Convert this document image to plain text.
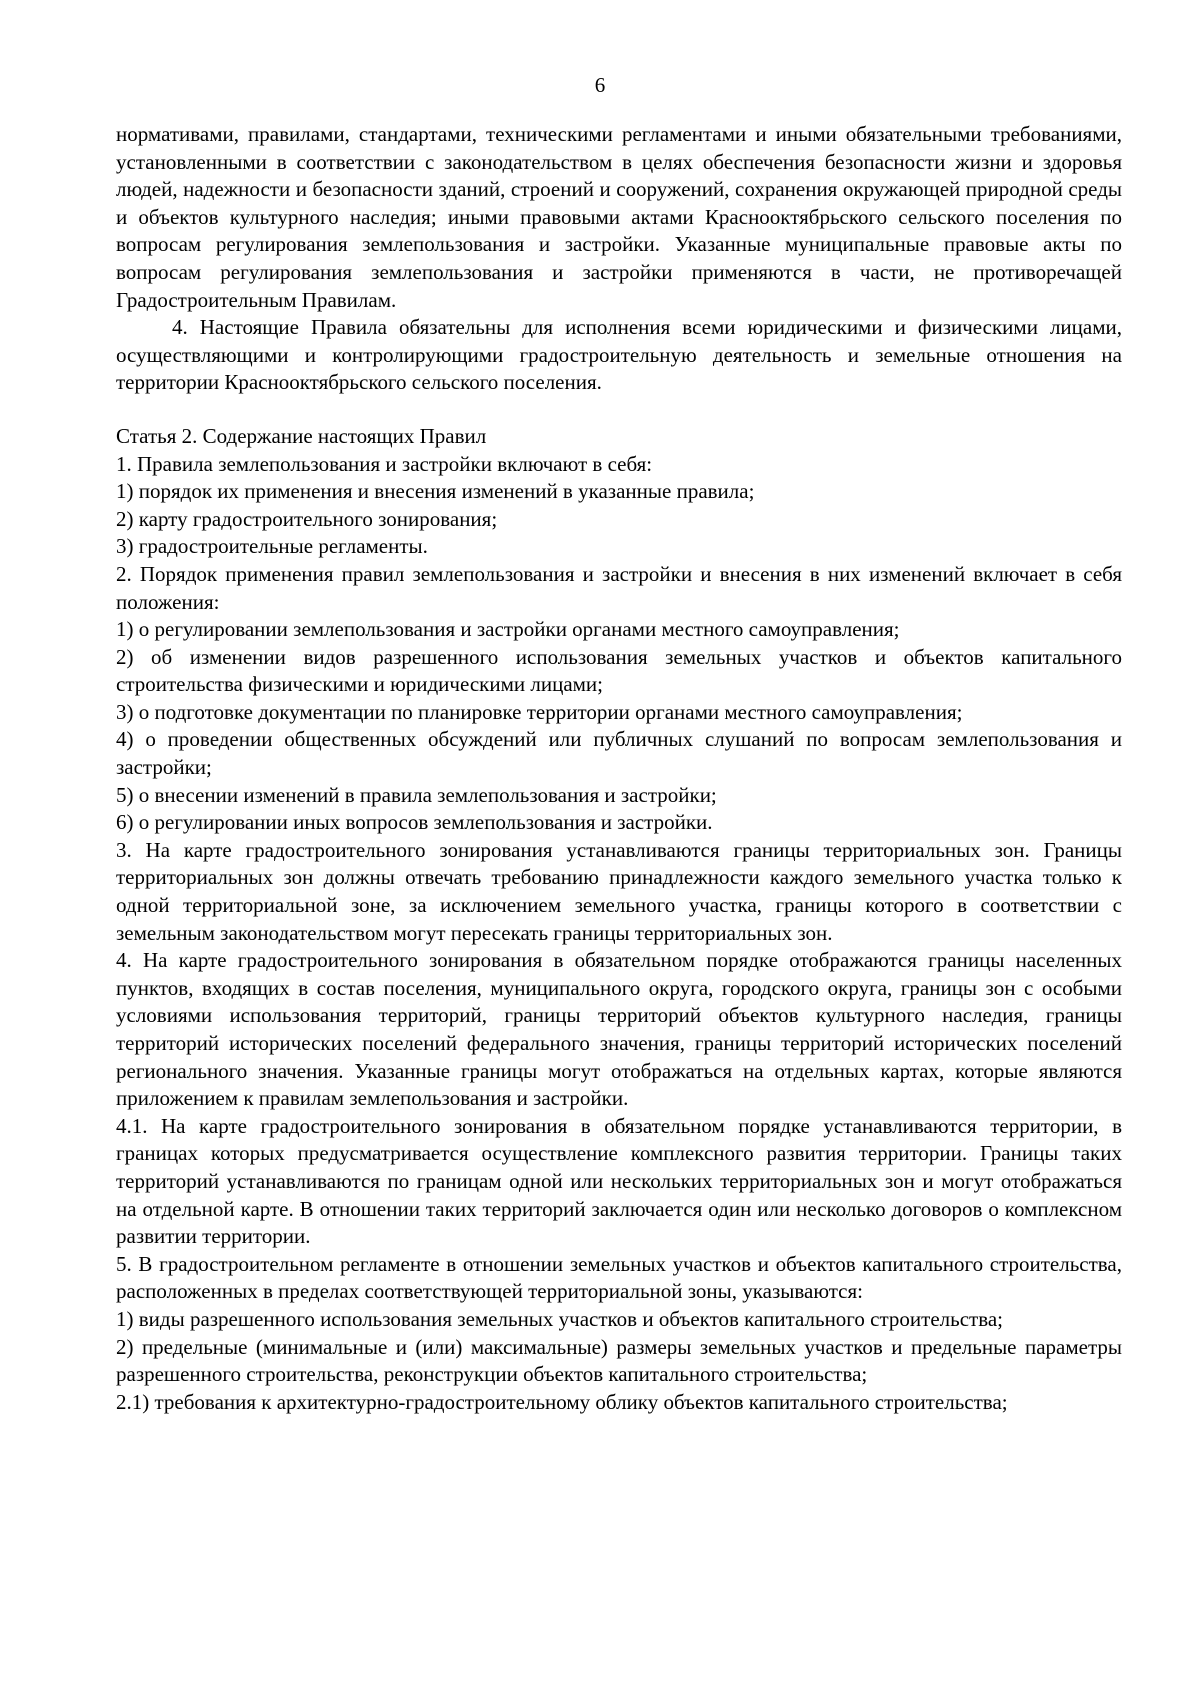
6

нормативами, правилами, стандартами, техническими регламентами и иными обязательными требованиями, установленными в соответствии с законодательством в целях обеспечения безопасности жизни и здоровья людей, надежности и безопасности зданий, строений и сооружений, сохранения окружающей природной среды и объектов культурного наследия; иными правовыми актами Краснооктябрьского сельского поселения по вопросам регулирования землепользования и застройки. Указанные муниципальные правовые акты по вопросам регулирования землепользования и застройки применяются в части, не противоречащей Градостроительным Правилам.

4. Настоящие Правила обязательны для исполнения всеми юридическими и физическими лицами, осуществляющими и контролирующими градостроительную деятельность и земельные отношения на территории Краснооктябрьского сельского поселения.

Статья 2. Содержание настоящих Правил

1. Правила землепользования и застройки включают в себя:

1) порядок их применения и внесения изменений в указанные правила;

2) карту градостроительного зонирования;

3) градостроительные регламенты.

2. Порядок применения правил землепользования и застройки и внесения в них изменений включает в себя положения:

1) о регулировании землепользования и застройки органами местного самоуправления;

2) об изменении видов разрешенного использования земельных участков и объектов капитального строительства физическими и юридическими лицами;

3) о подготовке документации по планировке территории органами местного самоуправления;

4) о проведении общественных обсуждений или публичных слушаний по вопросам землепользования и застройки;

5) о внесении изменений в правила землепользования и застройки;

6) о регулировании иных вопросов землепользования и застройки.

3. На карте градостроительного зонирования устанавливаются границы территориальных зон. Границы территориальных зон должны отвечать требованию принадлежности каждого земельного участка только к одной территориальной зоне, за исключением земельного участка, границы которого в соответствии с земельным законодательством могут пересекать границы территориальных зон.

4. На карте градостроительного зонирования в обязательном порядке отображаются границы населенных пунктов, входящих в состав поселения, муниципального округа, городского округа, границы зон с особыми условиями использования территорий, границы территорий объектов культурного наследия, границы территорий исторических поселений федерального значения, границы территорий исторических поселений регионального значения. Указанные границы могут отображаться на отдельных картах, которые являются приложением к правилам землепользования и застройки.

4.1. На карте градостроительного зонирования в обязательном порядке устанавливаются территории, в границах которых предусматривается осуществление комплексного развития территории. Границы таких территорий устанавливаются по границам одной или нескольких территориальных зон и могут отображаться на отдельной карте. В отношении таких территорий заключается один или несколько договоров о комплексном развитии территории.

5. В градостроительном регламенте в отношении земельных участков и объектов капитального строительства, расположенных в пределах соответствующей территориальной зоны, указываются:

1) виды разрешенного использования земельных участков и объектов капитального строительства;

2) предельные (минимальные и (или) максимальные) размеры земельных участков и предельные параметры разрешенного строительства, реконструкции объектов капитального строительства;

2.1) требования к архитектурно-градостроительному облику объектов капитального строительства;
